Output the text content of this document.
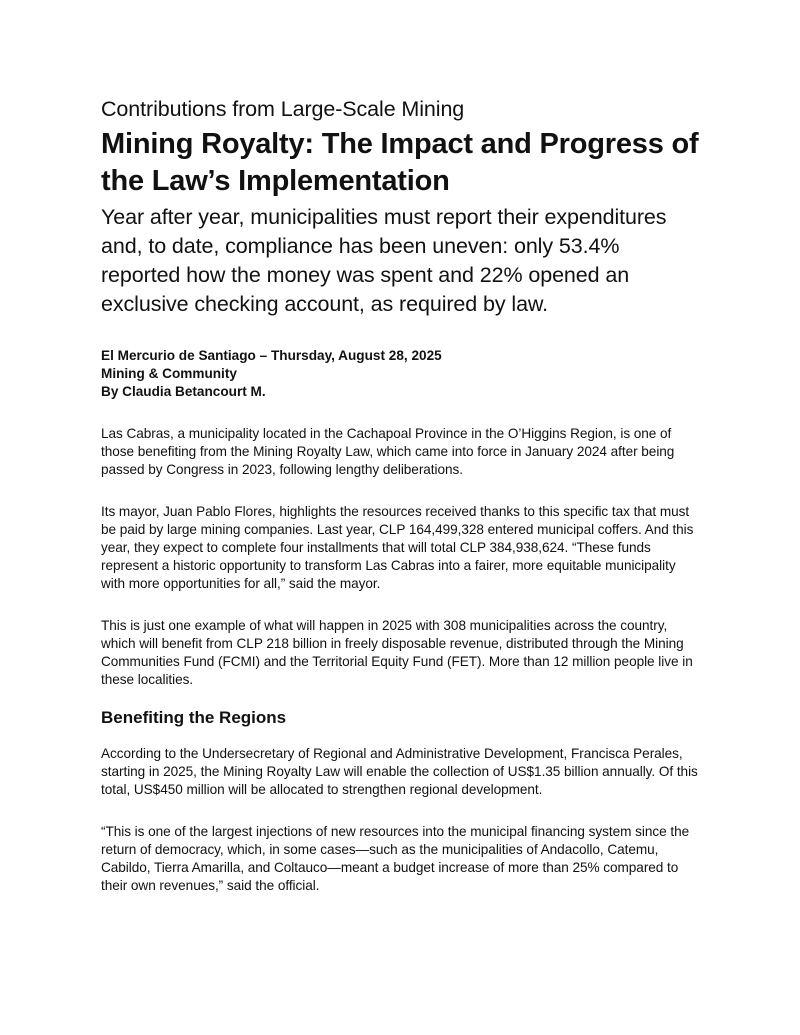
Contributions from Large-Scale Mining
Mining Royalty: The Impact and Progress of the Law’s Implementation

Year after year, municipalities must report their expenditures and, to date, compliance has been uneven: only 53.4% reported how the money was spent and 22% opened an exclusive checking account, as required by law.

El Mercurio de Santiago – Thursday, August 28, 2025
Mining & Community
By Claudia Betancourt M.

Las Cabras, a municipality located in the Cachapoal Province in the O’Higgins Region, is one of those benefiting from the Mining Royalty Law, which came into force in January 2024 after being passed by Congress in 2023, following lengthy deliberations.

Its mayor, Juan Pablo Flores, highlights the resources received thanks to this specific tax that must be paid by large mining companies. Last year, CLP 164,499,328 entered municipal coffers. And this year, they expect to complete four installments that will total CLP 384,938,624. “These funds represent a historic opportunity to transform Las Cabras into a fairer, more equitable municipality with more opportunities for all,” said the mayor.

This is just one example of what will happen in 2025 with 308 municipalities across the country, which will benefit from CLP 218 billion in freely disposable revenue, distributed through the Mining Communities Fund (FCMI) and the Territorial Equity Fund (FET). More than 12 million people live in these localities.

Benefiting the Regions

According to the Undersecretary of Regional and Administrative Development, Francisca Perales, starting in 2025, the Mining Royalty Law will enable the collection of US$1.35 billion annually. Of this total, US$450 million will be allocated to strengthen regional development.

“This is one of the largest injections of new resources into the municipal financing system since the return of democracy, which, in some cases—such as the municipalities of Andacollo, Catemu, Cabildo, Tierra Amarilla, and Coltauco—meant a budget increase of more than 25% compared to their own revenues,” said the official.
